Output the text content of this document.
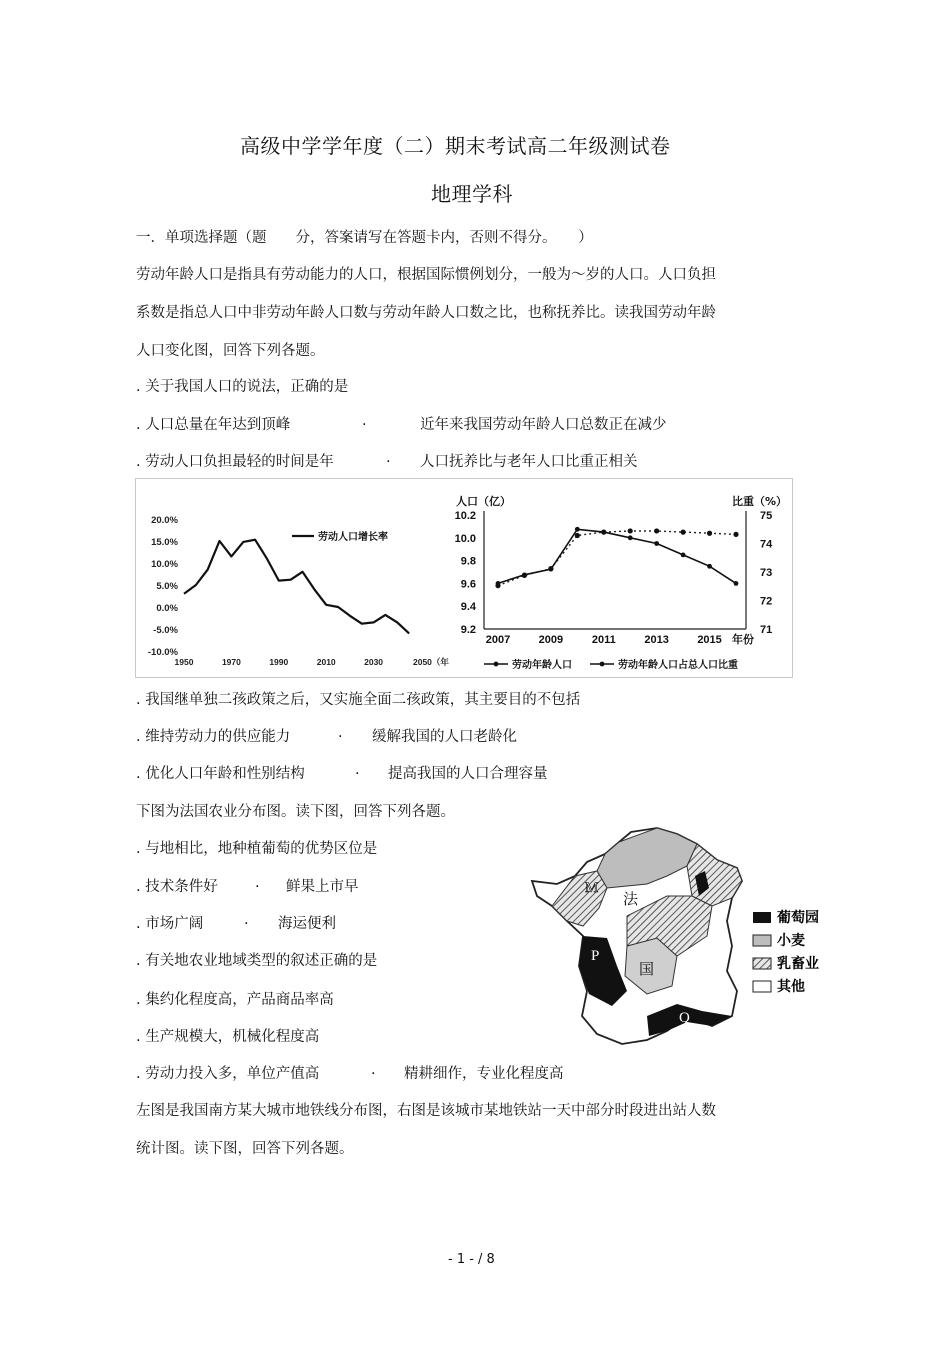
高级中学学年度（二）期末考试高二年级测试卷
地理学科
一．单项选择题（题　　分，答案请写在答题卡内，否则不得分。　　）
劳动年龄人口是指具有劳动能力的人口，根据国际惯例划分，一般为～岁的人口。人口负担
系数是指总人口中非劳动年龄人口数与劳动年龄人口数之比，也称抚养比。读我国劳动年龄
人口变化图，回答下列各题。
. 关于我国人口的说法，正确的是
. 人口总量在年达到顶峰	.	近年来我国劳动年龄人口总数正在减少
. 劳动人口负担最轻的时间是年	. 人口抚养比与老年人口比重正相关
20.0%
15.0%
10.0%
5.0%
0.0%
-5.0%
-10.0%
1950	1970	1990	2010	2030	2050（年
劳动人口增长率
人口（亿）	比重（%）
10.2
10.0
9.8
9.6
9.4
9.2
75
74
73
72
71
2007	2009	2011	2013	2015 年份
劳动年龄人口	劳动年龄人口占总人口比重
. 我国继单独二孩政策之后，又实施全面二孩政策，其主要目的不包括
. 维持劳动力的供应能力	. 缓解我国的人口老龄化
. 优化人口年龄和性别结构	. 提高我国的人口合理容量
下图为法国农业分布图。读下图，回答下列各题。
. 与地相比，地种植葡萄的优势区位是
. 技术条件好	. 鲜果上市早
. 市场广阔	. 海运便利
. 有关地农业地域类型的叙述正确的是
. 集约化程度高，产品商品率高
. 生产规模大，机械化程度高
. 劳动力投入多，单位产值高	. 精耕细作，专业化程度高
M
法
P
国
Q
葡萄园
小麦
乳畜业
其他
左图是我国南方某大城市地铁线分布图，右图是该城市某地铁站一天中部分时段进出站人数
统计图。读下图，回答下列各题。
- 1 - / 8
